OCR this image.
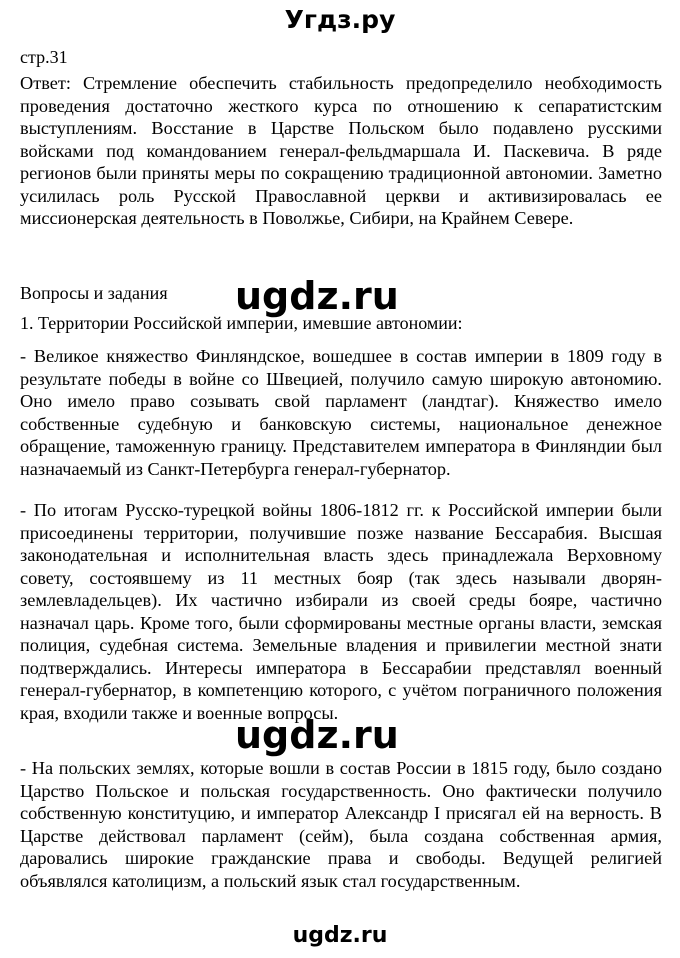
Угдз.ру
стр.31

Ответ: Стремление обеспечить стабильность предопределило необходимость проведения достаточно жесткого курса по отношению к сепаратистским выступлениям. Восстание в Царстве Польском было подавлено русскими войсками под командованием генерал-фельдмаршала И. Паскевича. В ряде регионов были приняты меры по сокращению традиционной автономии. Заметно усилилась роль Русской Православной церкви и активизировалась ее миссионерская деятельность в Поволжье, Сибири, на Крайнем Севере.

Вопросы и задания ugdz.ru
1. Территории Российской империи, имевшие автономии:

- Великое княжество Финляндское, вошедшее в состав империи в 1809 году в результате победы в войне со Швецией, получило самую широкую автономию. Оно имело право созывать свой парламент (ландтаг). Княжество имело собственные судебную и банковскую системы, национальное денежное обращение, таможенную границу. Представителем императора в Финляндии был назначаемый из Санкт-Петербурга генерал-губернатор.

- По итогам Русско-турецкой войны 1806-1812 гг. к Российской империи были присоединены территории, получившие позже название Бессарабия. Высшая законодательная и исполнительная власть здесь принадлежала Верховному совету, состоявшему из 11 местных бояр (так здесь называли дворян-землевладельцев). Их частично избирали из своей среды бояре, частично назначал царь. Кроме того, были сформированы местные органы власти, земская полиция, судебная система. Земельные владения и привилегии местной знати подтверждались. Интересы императора в Бессарабии представлял военный генерал-губернатор, в компетенцию которого, с учётом пограничного положения края, входили также и военные вопросы.

ugdz.ru

- На польских землях, которые вошли в состав России в 1815 году, было создано Царство Польское и польская государственность. Оно фактически получило собственную конституцию, и император Александр I присягал ей на верность. В Царстве действовал парламент (сейм), была создана собственная армия, даровались широкие гражданские права и свободы. Ведущей религией объявлялся католицизм, а польский язык стал государственным.

ugdz.ru
